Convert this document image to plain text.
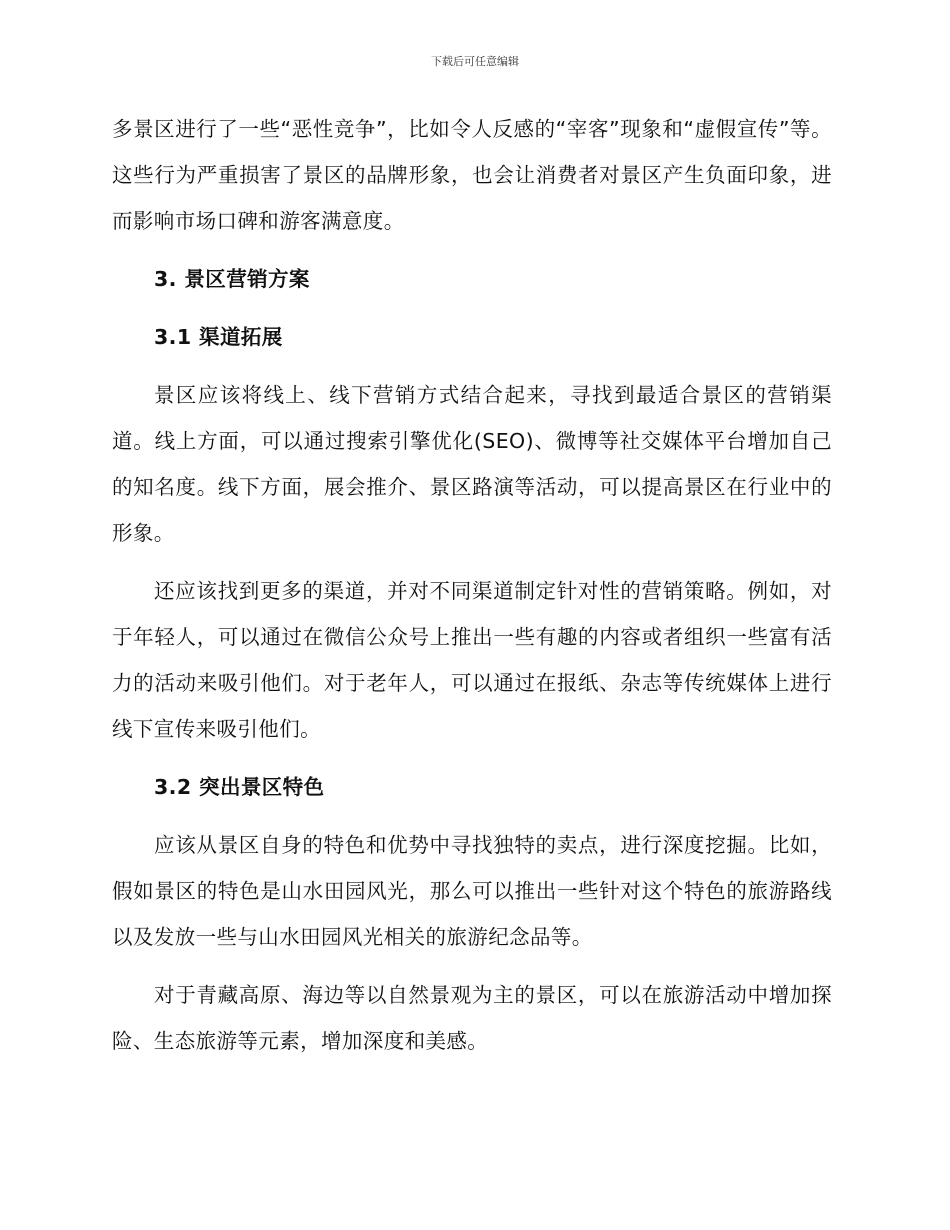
下载后可任意编辑

多景区进行了一些“恶性竞争”，比如令人反感的“宰客”现象和“虚假宣传”等。这些行为严重损害了景区的品牌形象，也会让消费者对景区产生负面印象，进而影响市场口碑和游客满意度。

3. 景区营销方案
3.1 渠道拓展

景区应该将线上、线下营销方式结合起来，寻找到最适合景区的营销渠道。线上方面，可以通过搜索引擎优化(SEO)、微博等社交媒体平台增加自己的知名度。线下方面，展会推介、景区路演等活动，可以提高景区在行业中的形象。

还应该找到更多的渠道，并对不同渠道制定针对性的营销策略。例如，对于年轻人，可以通过在微信公众号上推出一些有趣的内容或者组织一些富有活力的活动来吸引他们。对于老年人，可以通过在报纸、杂志等传统媒体上进行线下宣传来吸引他们。

3.2 突出景区特色

应该从景区自身的特色和优势中寻找独特的卖点，进行深度挖掘。比如，假如景区的特色是山水田园风光，那么可以推出一些针对这个特色的旅游路线以及发放一些与山水田园风光相关的旅游纪念品等。

对于青藏高原、海边等以自然景观为主的景区，可以在旅游活动中增加探险、生态旅游等元素，增加深度和美感。
